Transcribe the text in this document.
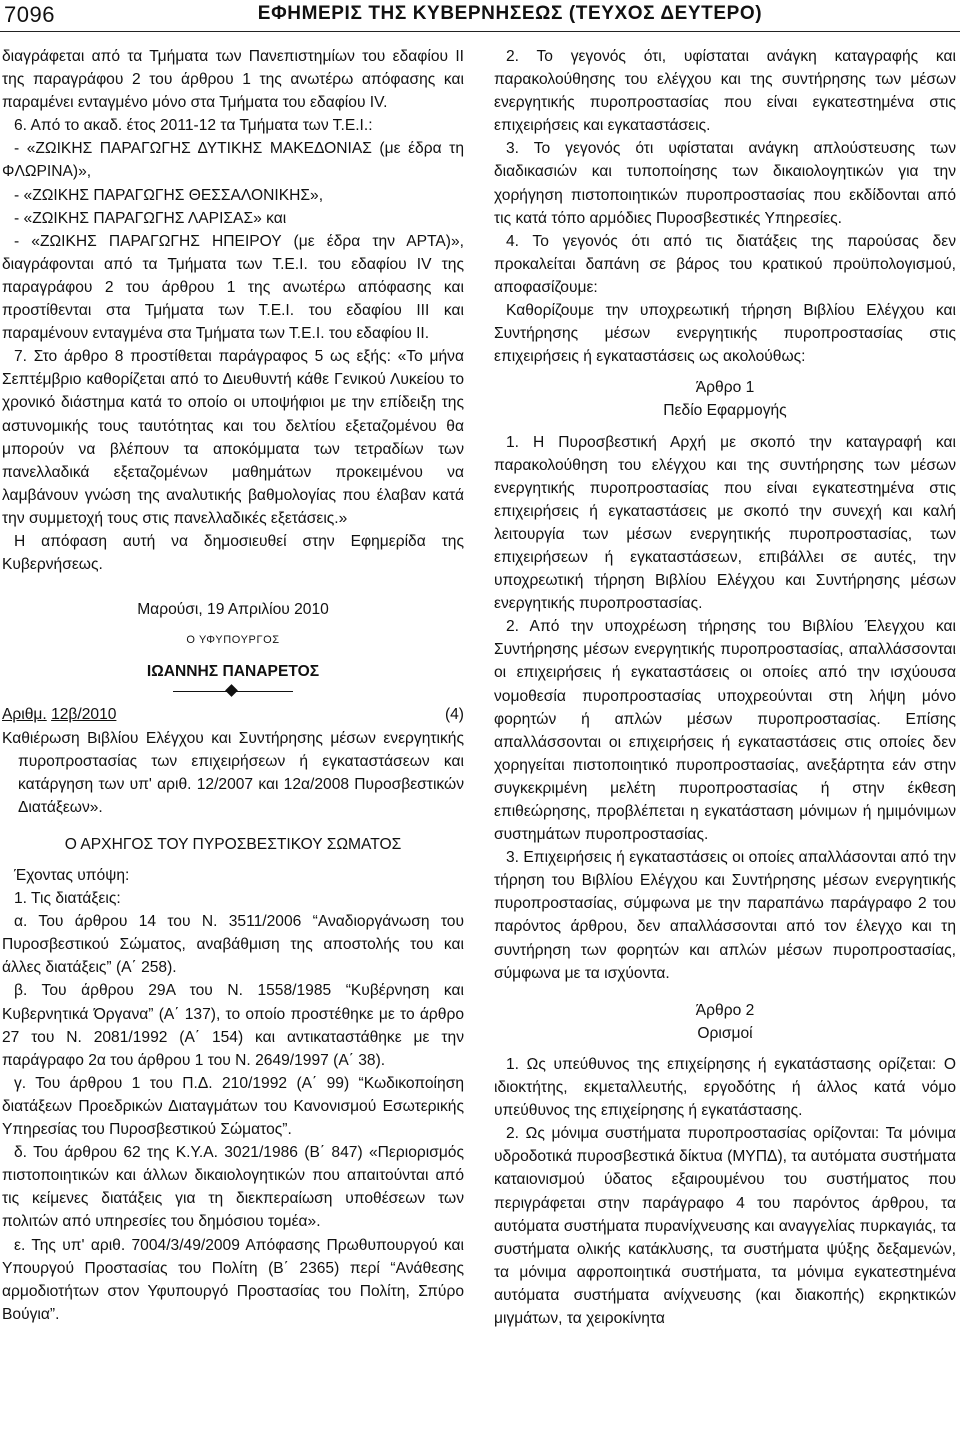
7096	ΕΦΗΜΕΡΙΣ ΤΗΣ ΚΥΒΕΡΝΗΣΕΩΣ (ΤΕΥΧΟΣ ΔΕΥΤΕΡΟ)

διαγράφεται από τα Τμήματα των Πανεπιστημίων του εδαφίου ΙΙ της παραγράφου 2 του άρθρου 1 της ανωτέρω απόφασης και παραμένει ενταγμένο μόνο στα Τμήματα του εδαφίου IV.

6. Από το ακαδ. έτος 2011-12 τα Τμήματα των Τ.Ε.Ι.:

- «ΖΩΙΚΗΣ ΠΑΡΑΓΩΓΗΣ ΔΥΤΙΚΗΣ ΜΑΚΕΔΟΝΙΑΣ (με έδρα τη ΦΛΩΡΙΝΑ)»,

- «ΖΩΙΚΗΣ ΠΑΡΑΓΩΓΗΣ ΘΕΣΣΑΛΟΝΙΚΗΣ»,

- «ΖΩΙΚΗΣ ΠΑΡΑΓΩΓΗΣ ΛΑΡΙΣΑΣ» και

- «ΖΩΙΚΗΣ ΠΑΡΑΓΩΓΗΣ ΗΠΕΙΡΟΥ (με έδρα την ΑΡΤΑ)», διαγράφονται από τα Τμήματα των Τ.Ε.Ι. του εδαφίου IV της παραγράφου 2 του άρθρου 1 της ανωτέρω απόφασης και προστίθενται στα Τμήματα των Τ.Ε.Ι. του εδαφίου ΙΙΙ και παραμένουν ενταγμένα στα Τμήματα των Τ.Ε.Ι. του εδαφίου ΙΙ.

7. Στο άρθρο 8 προστίθεται παράγραφος 5 ως εξής: «Το μήνα Σεπτέμβριο καθορίζεται από το Διευθυντή κάθε Γενικού Λυκείου το χρονικό διάστημα κατά το οποίο οι υποψήφιοι με την επίδειξη της αστυνομικής τους ταυτότητας και του δελτίου εξεταζομένου θα μπορούν να βλέπουν τα αποκόμματα των τετραδίων των πανελλαδικά εξεταζομένων μαθημάτων προκειμένου να λαμβάνουν γνώση της αναλυτικής βαθμολογίας που έλαβαν κατά την συμμετοχή τους στις πανελλαδικές εξετάσεις.»

Η απόφαση αυτή να δημοσιευθεί στην Εφημερίδα της Κυβερνήσεως.

Μαρούσι, 19 Απριλίου 2010

Ο ΥΦΥΠΟΥΡΓΟΣ

ΙΩΑΝΝΗΣ ΠΑΝΑΡΕΤΟΣ

Αριθμ. 12β/2010	(4)

Καθιέρωση Βιβλίου Ελέγχου και Συντήρησης μέσων ενεργητικής πυροπροστασίας των επιχειρήσεων ή εγκαταστάσεων και κατάργηση των υπ' αριθ. 12/2007 και 12α/2008 Πυροσβεστικών Διατάξεων».

Ο ΑΡΧΗΓΟΣ ΤΟΥ ΠΥΡΟΣΒΕΣΤΙΚΟΥ ΣΩΜΑΤΟΣ

Έχοντας υπόψη:

1. Τις διατάξεις:

α. Του άρθρου 14 του Ν. 3511/2006 “Αναδιοργάνωση του Πυροσβεστικού Σώματος, αναβάθμιση της αποστολής του και άλλες διατάξεις” (Α΄ 258).

β. Του άρθρου 29Α του Ν. 1558/1985 “Κυβέρνηση και Κυβερνητικά Όργανα” (Α΄ 137), το οποίο προστέθηκε με το άρθρο 27 του Ν. 2081/1992 (Α΄ 154) και αντικαταστάθηκε με την παράγραφο 2α του άρθρου 1 του Ν. 2649/1997 (Α΄ 38).

γ. Του άρθρου 1 του Π.Δ. 210/1992 (Α΄ 99) “Κωδικοποίηση διατάξεων Προεδρικών Διαταγμάτων του Κανονισμού Εσωτερικής Υπηρεσίας του Πυροσβεστικού Σώματος”.

δ. Του άρθρου 62 της Κ.Υ.Α. 3021/1986 (Β΄ 847) «Περιορισμός πιστοποιητικών και άλλων δικαιολογητικών που απαιτούνται από τις κείμενες διατάξεις για τη διεκπεραίωση υποθέσεων των πολιτών από υπηρεσίες του δημόσιου τομέα».

ε. Της υπ' αριθ. 7004/3/49/2009 Απόφασης Πρωθυπουργού και Υπουργού Προστασίας του Πολίτη (Β΄ 2365) περί “Ανάθεσης αρμοδιοτήτων στον Υφυπουργό Προστασίας του Πολίτη, Σπύρο Βούγια”.

2. Το γεγονός ότι, υφίσταται ανάγκη καταγραφής και παρακολούθησης του ελέγχου και της συντήρησης των μέσων ενεργητικής πυροπροστασίας που είναι εγκατεστημένα στις επιχειρήσεις και εγκαταστάσεις.

3. Το γεγονός ότι υφίσταται ανάγκη απλούστευσης των διαδικασιών και τυποποίησης των δικαιολογητικών για την χορήγηση πιστοποιητικών πυροπροστασίας που εκδίδονται από τις κατά τόπο αρμόδιες Πυροσβεστικές Υπηρεσίες.

4. Το γεγονός ότι από τις διατάξεις της παρούσας δεν προκαλείται δαπάνη σε βάρος του κρατικού προϋπολογισμού, αποφασίζουμε:

Καθορίζουμε την υποχρεωτική τήρηση Βιβλίου Ελέγχου και Συντήρησης μέσων ενεργητικής πυροπροστασίας στις επιχειρήσεις ή εγκαταστάσεις ως ακολούθως:

Άρθρο 1

Πεδίο Εφαρμογής

1. Η Πυροσβεστική Αρχή με σκοπό την καταγραφή και παρακολούθηση του ελέγχου και της συντήρησης των μέσων ενεργητικής πυροπροστασίας που είναι εγκατεστημένα στις επιχειρήσεις ή εγκαταστάσεις με σκοπό την συνεχή και καλή λειτουργία των μέσων ενεργητικής πυροπροστασίας, των επιχειρήσεων ή εγκαταστάσεων, επιβάλλει σε αυτές, την υποχρεωτική τήρηση Βιβλίου Ελέγχου και Συντήρησης μέσων ενεργητικής πυροπροστασίας.

2. Από την υποχρέωση τήρησης του Βιβλίου Έλεγχου και Συντήρησης μέσων ενεργητικής πυροπροστασίας, απαλλάσσονται οι επιχειρήσεις ή εγκαταστάσεις οι οποίες από την ισχύουσα νομοθεσία πυροπροστασίας υποχρεούνται στη λήψη μόνο φορητών ή απλών μέσων πυροπροστασίας. Επίσης απαλλάσσονται οι επιχειρήσεις ή εγκαταστάσεις στις οποίες δεν χορηγείται πιστοποιητικό πυροπροστασίας, ανεξάρτητα εάν στην συγκεκριμένη μελέτη πυροπροστασίας ή στην έκθεση επιθεώρησης, προβλέπεται η εγκατάσταση μόνιμων ή ημιμόνιμων συστημάτων πυροπροστασίας.

3. Επιχειρήσεις ή εγκαταστάσεις οι οποίες απαλλάσονται από την τήρηση του Βιβλίου Ελέγχου και Συντήρησης μέσων ενεργητικής πυροπροστασίας, σύμφωνα με την παραπάνω παράγραφο 2 του παρόντος άρθρου, δεν απαλλάσσονται από τον έλεγχο και τη συντήρηση των φορητών και απλών μέσων πυροπροστασίας, σύμφωνα με τα ισχύοντα.

Άρθρο 2

Ορισμοί

1. Ως υπεύθυνος της επιχείρησης ή εγκατάστασης ορίζεται: Ο ιδιοκτήτης, εκμεταλλευτής, εργοδότης ή άλλος κατά νόμο υπεύθυνος της επιχείρησης ή εγκατάστασης.

2. Ως μόνιμα συστήματα πυροπροστασίας ορίζονται: Τα μόνιμα υδροδοτικά πυροσβεστικά δίκτυα (ΜΥΠΔ), τα αυτόματα συστήματα καταιονισμού ύδατος εξαιρουμένου του συστήματος που περιγράφεται στην παράγραφο 4 του παρόντος άρθρου, τα αυτόματα συστήματα πυρανίχνευσης και αναγγελίας πυρκαγιάς, τα συστήματα ολικής κατάκλυσης, τα συστήματα ψύξης δεξαμενών, τα μόνιμα αφροποιητικά συστήματα, τα μόνιμα εγκατεστημένα αυτόματα συστήματα ανίχνευσης (και διακοπής) εκρηκτικών μιγμάτων, τα χειροκίνητα
